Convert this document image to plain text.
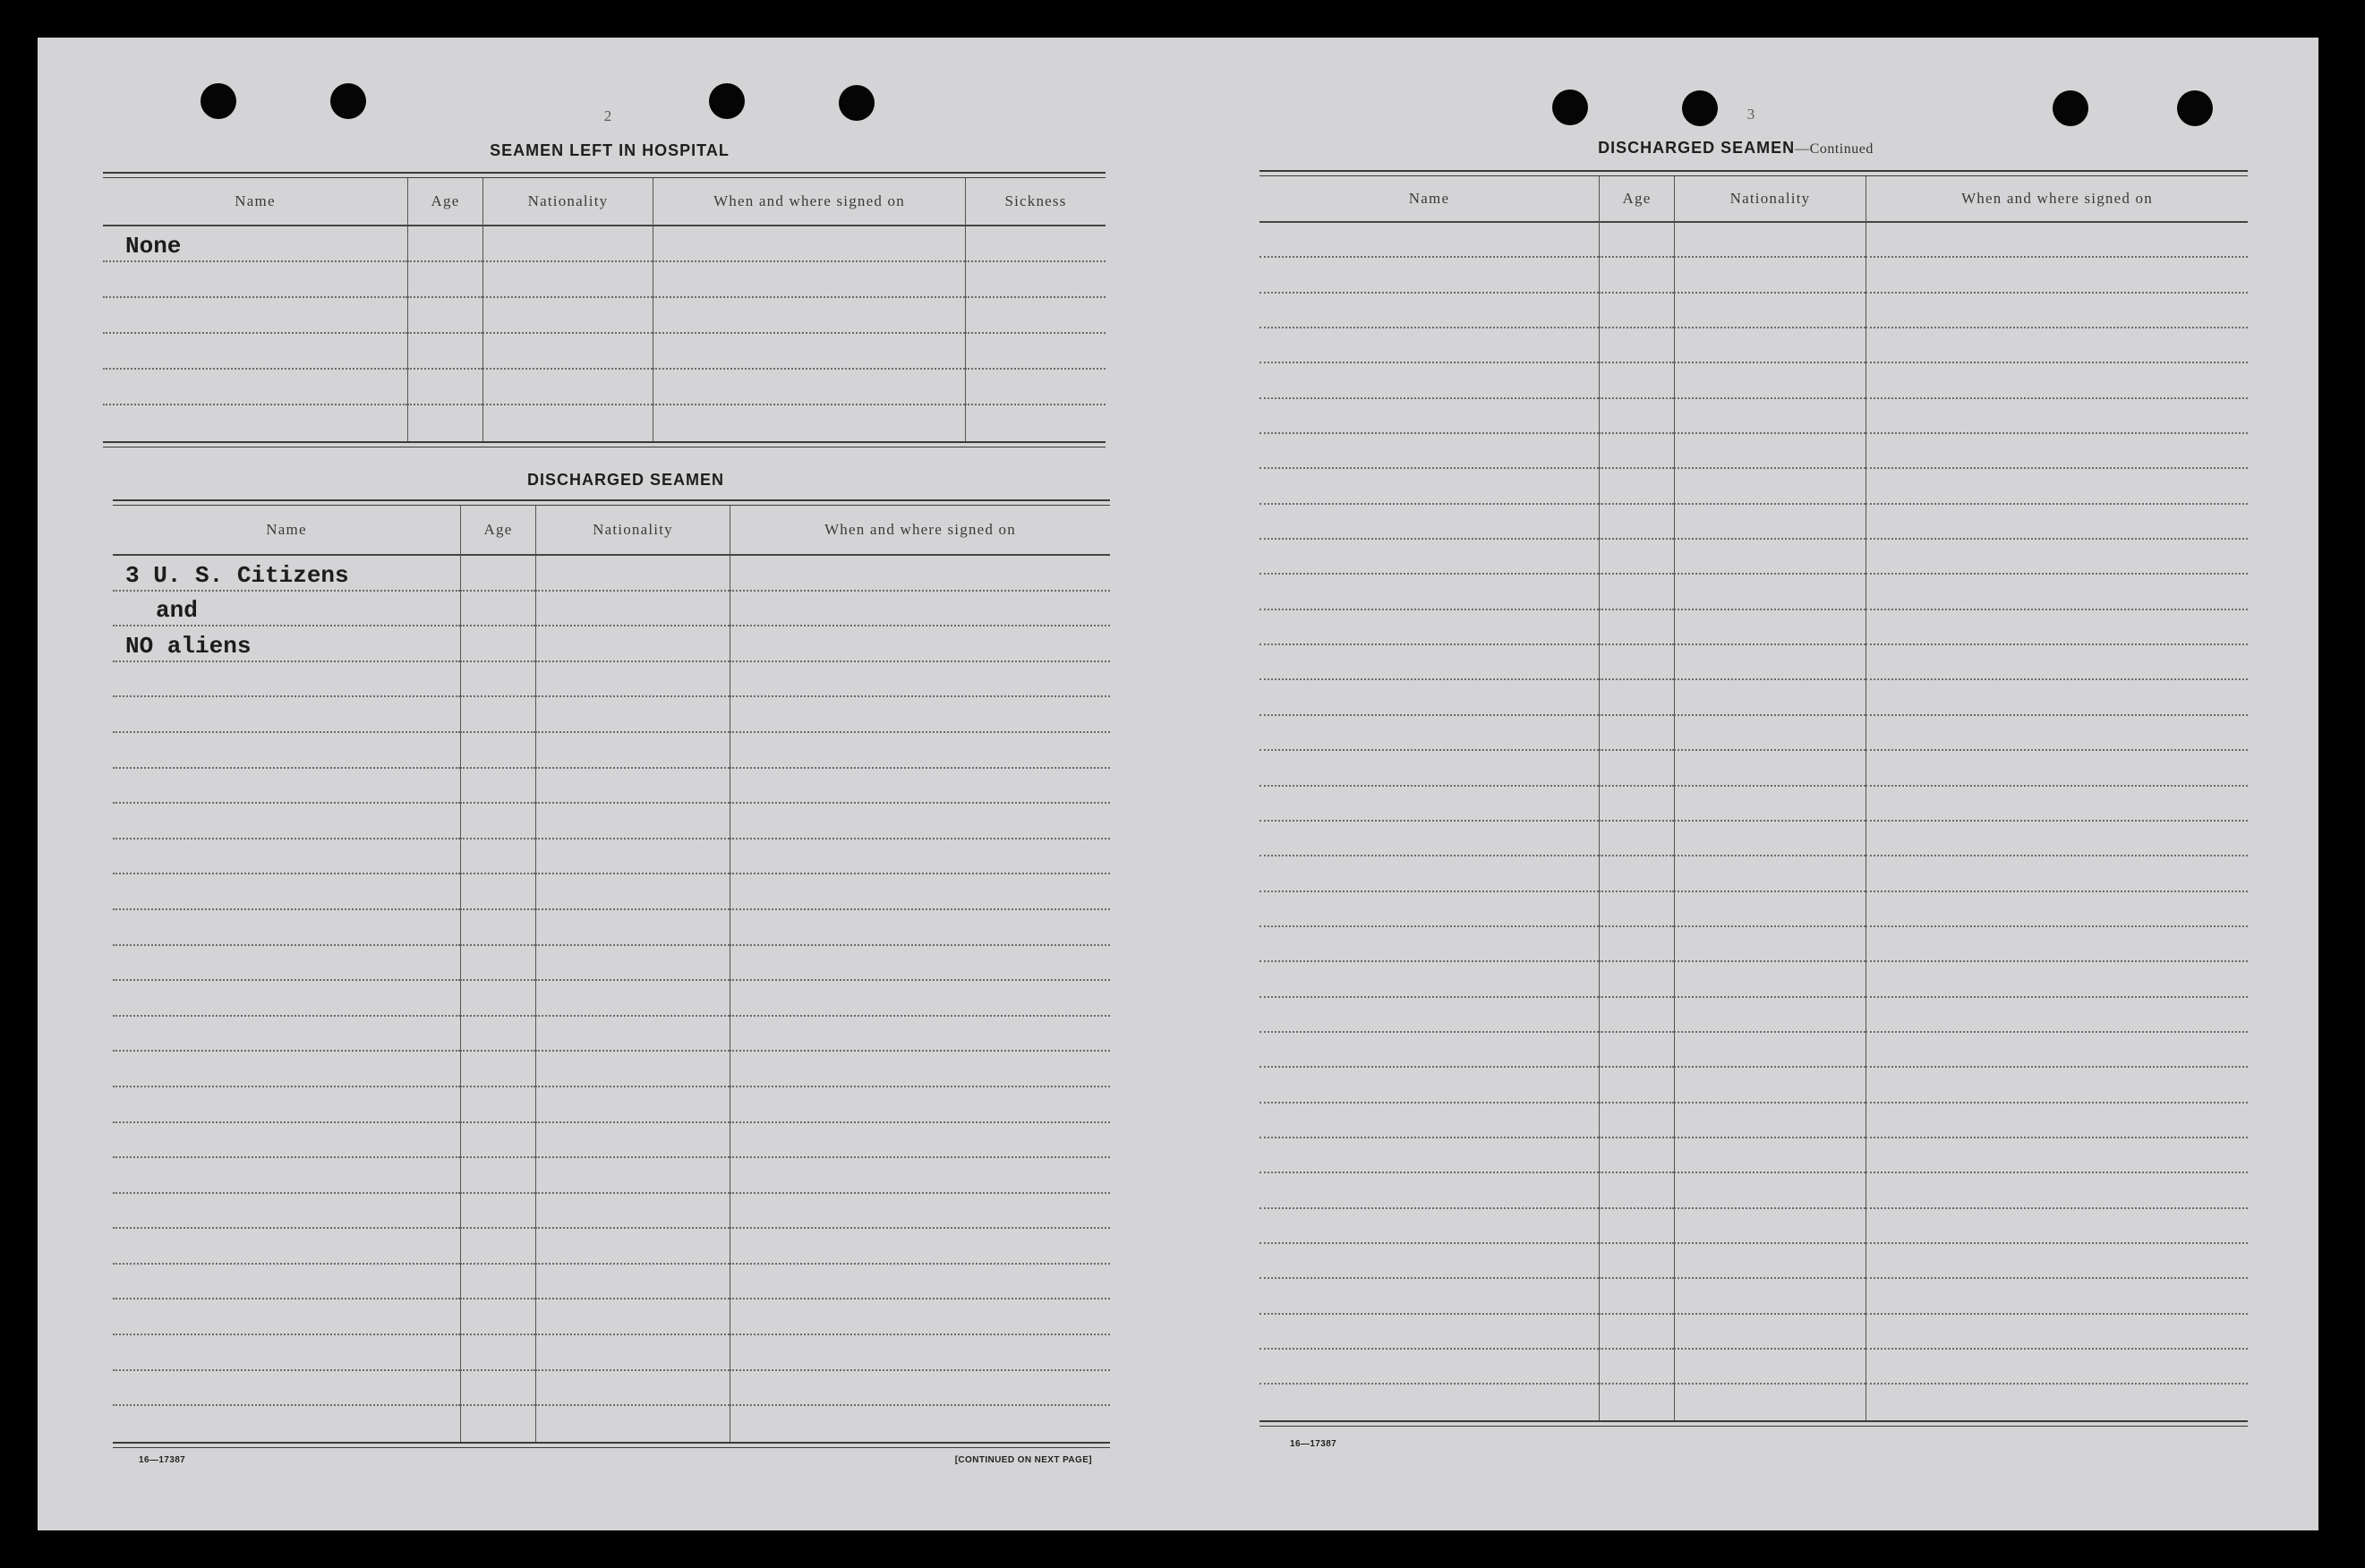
2	3
SEAMEN LEFT IN HOSPITAL
Name	Age	Nationality	When and where signed on	Sickness
None
DISCHARGED SEAMEN
Name	Age	Nationality	When and where signed on
3 U. S. Citizens
and
NO aliens
16—17387	[CONTINUED ON NEXT PAGE]
DISCHARGED SEAMEN—Continued
Name	Age	Nationality	When and where signed on
16—17387
